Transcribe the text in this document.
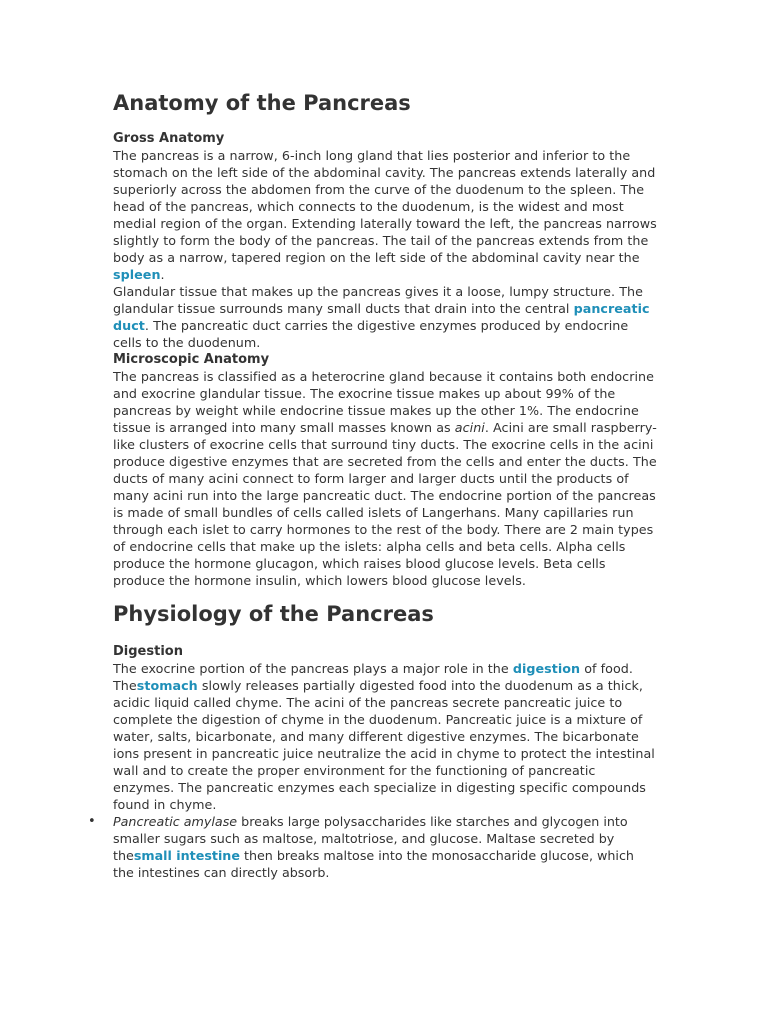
Anatomy of the Pancreas
Gross Anatomy

The pancreas is a narrow, 6-inch long gland that lies posterior and inferior to the stomach on the left side of the abdominal cavity. The pancreas extends laterally and superiorly across the abdomen from the curve of the duodenum to the spleen. The head of the pancreas, which connects to the duodenum, is the widest and most medial region of the organ. Extending laterally toward the left, the pancreas narrows slightly to form the body of the pancreas. The tail of the pancreas extends from the body as a narrow, tapered region on the left side of the abdominal cavity near the spleen.

Glandular tissue that makes up the pancreas gives it a loose, lumpy structure. The glandular tissue surrounds many small ducts that drain into the central pancreatic duct. The pancreatic duct carries the digestive enzymes produced by endocrine cells to the duodenum.

Microscopic Anatomy

The pancreas is classified as a heterocrine gland because it contains both endocrine and exocrine glandular tissue. The exocrine tissue makes up about 99% of the pancreas by weight while endocrine tissue makes up the other 1%. The endocrine tissue is arranged into many small masses known as acini. Acini are small raspberry-like clusters of exocrine cells that surround tiny ducts. The exocrine cells in the acini produce digestive enzymes that are secreted from the cells and enter the ducts. The ducts of many acini connect to form larger and larger ducts until the products of many acini run into the large pancreatic duct. The endocrine portion of the pancreas is made of small bundles of cells called islets of Langerhans. Many capillaries run through each islet to carry hormones to the rest of the body. There are 2 main types of endocrine cells that make up the islets: alpha cells and beta cells. Alpha cells produce the hormone glucagon, which raises blood glucose levels. Beta cells produce the hormone insulin, which lowers blood glucose levels.

Physiology of the Pancreas
Digestion

The exocrine portion of the pancreas plays a major role in the digestion of food. Thestomach slowly releases partially digested food into the duodenum as a thick, acidic liquid called chyme. The acini of the pancreas secrete pancreatic juice to complete the digestion of chyme in the duodenum. Pancreatic juice is a mixture of water, salts, bicarbonate, and many different digestive enzymes. The bicarbonate ions present in pancreatic juice neutralize the acid in chyme to protect the intestinal wall and to create the proper environment for the functioning of pancreatic enzymes. The pancreatic enzymes each specialize in digesting specific compounds found in chyme.

• Pancreatic amylase breaks large polysaccharides like starches and glycogen into smaller sugars such as maltose, maltotriose, and glucose. Maltase secreted by thesmall intestine then breaks maltose into the monosaccharide glucose, which the intestines can directly absorb.
